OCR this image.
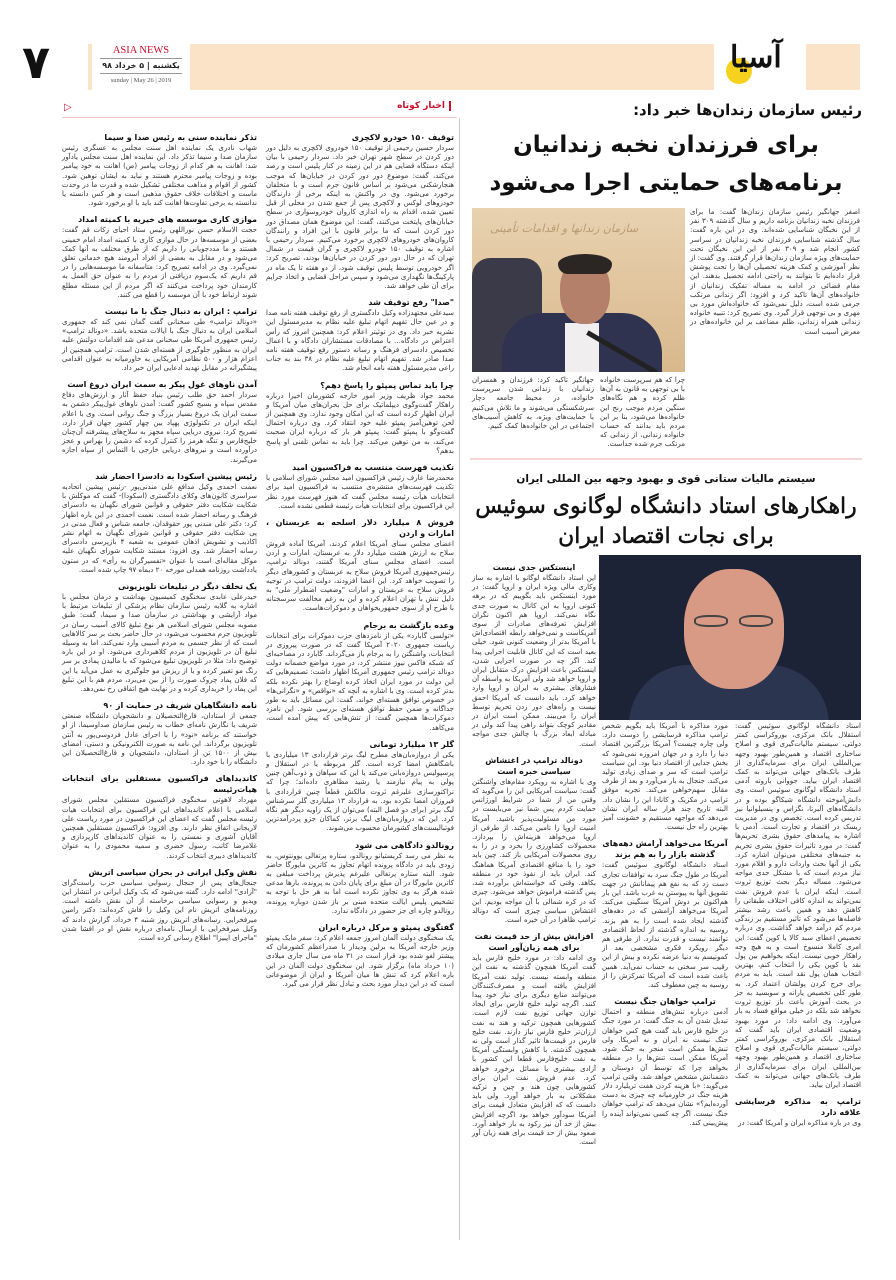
۷	ASIA NEWS
یکشنبه | ۵ خرداد ۹۸
sunday | May 26 | 2019
آسیا
▷	اخبار کوتاه
توقیف ۱۵۰ خودرو لاکچری
سردار حسین رحیمی از توقیف ۱۵۰ خودروی لاکچری به دلیل دور دور کردن در سطح شهر تهران خبر داد. سردار رحیمی با بیان اینکه دستگاه قضایی هم در این زمینه در کنار پلیس است و رصد می‌کند، گفت: موضوع دور دور کردن در خیابان‌ها که موجب هنجارشکنی می‌شود بر اساس قانون جرم است و با متخلفان برخورد می‌شود. وی در واکنش به اینکه برخی از دارندگان خودروهای لوکس و لاکچری پس از جمع شدن در محلی از قبل تعیین شده، اقدام به راه اندازی کاروان خودروسواری در سطح خیابان‌های پایتخت می‌کنند، گفت: این موضوع همان مصداق دور دور کردن است که ما برابر قانون با این افراد و رانندگان کاروان‌های خودروهای لاکچری برخورد می‌کنیم. سردار رحیمی با اشاره به توقیف ۱۵۰ خودرو لاکچری و گران قیمت در شمال تهران که در حال دور دور کردن در خیابان‌ها بودند، تصریح کرد: اگر خودرویی توسط پلیس توقیف شود، از دو هفته تا یک ماه در پارکینگ‌ها نگهداری می‌شود و سپس مراحل قضایی و اتخاذ جرایم برای آن طی خواهد شد.
"صدا" رفع توقیف شد
سیدعلی مجتهدزاده وکیل دادگستری از رفع توقیف هفته نامه صدا و در عین حال تفهیم اتهام تبلیغ علیه نظام به مدیرمسئول این نشریه خبر داد. وی در توئیتر اعلام کرد: همچنین امروز که رأس اعتراض در دادگاه... با مصادقات مستشاران دادگاه و با اعمال تخصیص دادسرای فرهنگ و رسانه دستور رفع توقیف هفته نامه صدا صادر شد. تفهیم اتهام تبلیغ علیه نظام در ۳۸ بند به جناب راعی مدیرمسئول هفته نامه انجام شد.
چرا باید تماس پمپئو را پاسخ دهم؟
محمد جواد ظریف وزیر امور خارجه کشورمان اخیرا درباره راهکار گفت‌وگوی دیپلماتیک برای حل بحران‌های میان آمریکا و ایران اظهار کرده است که این امکان وجود ندارد. وی همچنین از لحن توهین‌آمیز پمپئو علیه خود انتقاد کرد. وی درباره احتمال گفت‌وگو با پمپئو گفت: پمپئو هر بار که درباره ایران صحبت می‌کند، به من توهین می‌کند. چرا باید به تماس تلفنی او پاسخ بدهم؟
تکذیب فهرست منتسب به فراکسیون امید
محمدرضا عارف رئیس فراکسیون امید مجلس شورای اسلامی با تکذیب فهرست‌های منتشره‌ی منتسب به فراکسیون امید برای انتخابات هیأت رئیسه مجلس گفت که هنوز فهرست مورد نظر این فراکسیون برای انتخابات هیأت رئیسه قطعی نشده است.
فروش ۸ میلیارد دلار اسلحه به عربستان ، امارات و اردن
اعضای مجلس سنای آمریکا اعلام کردند، آمریکا آماده فروش سلاح به ارزش هشت میلیارد دلار به عربستان، امارات و اردن است. اعضای مجلس سنای آمریکا گفتند، دونالد ترامپ، رئیس‌جمهوری آمریکا فروش سلاح به عربستان و کشورهای دیگر را تصویب خواهد کرد. این اعضا افزودند، دولت ترامپ در توجیه فروش سلاح به عربستان و امارات "وضعیت اضطرار ملی" به دلیل تنش با تهران اعلام کرده و این به رغم مخالفت سرسختانه با طرح او از سوی جمهوریخواهان و دموکرات‌هاست.
وعده بازگشت به برجام
«تولسی گابارد» یکی از نامزدهای حزب دموکرات برای انتخابات ریاست جمهوری ۲۰۲۰ آمریکا گفت که در صورت پیروزی در انتخابات، واشنگتن را به برجام باز می‌گرداند. گابارد در مصاحبه‌ای که شبکه فاکس نیوز منتشر کرد، در مورد مواضع خصمانه دولت دونالد ترامپ رئیس جمهوری آمریکا اظهار داشت: تصمیم‌هایی که این دولت در مورد ایران اتخاذ کرده اوضاع را بهتر نکرده بلکه بدتر کرده است. وی با اشاره به آنچه که «نواقص» و «نگرانی‌ها» در خصوص توافق هسته‌ای خواند، گفت: این مسائل باید به طور جداگانه و ضمن حفظ توافق هسته‌ای بررسی شود. این نامزد دموکرات‌ها همچنین گفت: از تنش‌هایی که پیش آمده است، می‌کاهد.
گلر ۱۳ میلیارد تومانی
یکی از دروازه‌بان‌های مطرح لیگ برتر قراردادی ۱۳ میلیاردی با باشگاهش امضا کرده است. گلر مربوطه یا در استقلال و پرسپولیس دروازه‌بانی می‌کند یا این که سپاهان و ذوب‌آهن چنین پولی به پیام نیازمند یا رشید مظاهری داده‌اند؛ چرا که تراکتورسازی علیرغم ثروت مالکش قطعاً چنین قراردادی با فیروزان امضا نکرده بود. به قرارداد ۱۳ میلیاردی گلر سرشناس لیگ برتر (برای دو فصل البته) می‌توان از یک زاویه دیگر هم نگاه کرد. این که دروازه‌بان‌های لیگ برتر، کماکان جزو پردرآمدترین فوتبالیست‌های کشورمان محسوب می‌شوند.
رونالدو دادگاهی می شود
به نظر می رسد کریستیانو رونالدو، ستاره پرتغالی یوونتوس، به زودی باید در دادگاه پرونده اتهام تجاوز به کاترین مایورگا حاضر شود. البته ستاره پرتغالی علیرغم پذیرش پرداخت مبلغی به کاترین مایورگا در آن مبلغ برای پایان دادن به پرونده، بارها مدعی شده هرگز به وی تجاوز نکرده است اما به هر حل با توجه به تشخیص پلیس ایالت متحده مبنی بر باز شدن دوباره پرونده، رونالدو چاره ای جز حضور در دادگاه ندارد.
گفتگوی پمپئو و مرکل درباره ایران
یک سخنگوی دولت آلمان امروز جمعه اعلام کرد: سفر مایک پمپئو وزیر خارجه آمریکا به برلین ودیدار با صدراعظم کشورمان که پیشتر لغو شده بود قرار است در ۳۱ ماه می سال جاری میلادی (۱۰ خرداد ماه) برگزار شود. این سخنگوی دولت آلمان در این باره اعلام کرد که تنش ها میان آمریکا و ایران از موضوعاتی است که در این دیدار مورد بحث و تبادل نظر قرار می گیرد.
تذکر نماینده سنی به رئیس صدا و سیما
شهاب نادری یک نماینده اهل سنت مجلس به عسگری رئیس سازمان صدا و سیما تذکر داد. این نماینده اهل سنت مجلس یادآور شد: اهانت به هر کدام از زوجات پیامبر (ص) اهانت به خود پیامبر بوده و زوجات پیامبر محترم هستند و نباید به ایشان توهین شود. کشور از اقوام و مذاهب مختلفی تشکیل شده و قدرت ما در وحدت ماست و اختلافات خلاف حقوق مذهبی است و هر کس دانسته یا ندانسته به برخی تفاوت‌ها اهانت کند باید با او برخورد شود.
موازی کاری موسسه های خیریه با کمیته امداد
حجت الاسلام حسن نوراللهی رئیس ستاد احیای زکات قم گفت: بعضی از موسسه‌ها در حال موازی کاری با کمیته امداد امام خمینی هستند و ما مددجویانی را داریم که از طرق مختلف به آنها کمک می‌شود و در مقابل به بعضی از افراد آبرومند هیچ خدماتی تعلق نمی‌گیرد. وی در ادامه تصریح کرد: متاسفانه ما موسسه‌هایی را در قم داریم که یک‌سوم دریافتی از مردم را به عنوان حق العمل به کارمندان خود پرداخت می‌کنند که اگر مردم از این مسئله مطلع شوند ارتباط خود با آن موسسه را قطع می کنند.
ترامپ : ایران به دنبال جنگ با ما نیست
«دونالد ترامپ» طی سخنانی گفت گمان نمی کند که جمهوری اسلامی ایران به دنبال جنگ با ایالات متحده باشد. «دونالد ترامپ» رئیس جمهوری آمریکا طی سخنانی مدعی شد اقدامات دولتش علیه ایران به منظور جلوگیری از هسته‌ای شدن است. ترامپ همچنین از اعزام هزار و ۵۰۰ نظامی آمریکایی به خاورمیانه به عنوان اقدامی پیشگیرانه در مقابل تهدید ادعایی ایران خبر داد.
آمدن ناوهای غول پیکر به سمت ایران دروغ است
سردار احمد حق طلب رئیس بنیاد حفظ آثار و ارزش‌های دفاع مقدس سپاه و بسیج کشور گفت: آمدن ناوهای غول‌پیکر دشمن به سمت ایران یک دروغ بسیار بزرگ و جنگ روانی است. وی با اعلام اینکه ایران در تکنولوژی پهپاد بین چهار کشور جهان قرار دارد، تصریح کرد: نیروی دریایی سپاه مجهز به سلاح‌های پیشرفته آن‌چنان خلیج‌فارس و تنگه هرمز را کنترل کرده که دشمن را بهراس و عجز درآورده است و نیروهای دریایی خارجی با التماس از سپاه اجازه می‌گیرند.
رئیس پیشین اسکودا به دادسرا احضار شد
نعمت احمدی وکیل مدافع علی مندنی‌پور -رئیس پیشین اتحادیه سراسری کانون‌های وکلای دادگستری (اسکودا)- گفت که موکلش با شکایت شکایت دفتر حقوقی و قوانین شورای نگهبان به دادسرای فرهنگ و رسانه احضار شده است. نعمت احمدی در این باره اظهار کرد: دکتر علی مندنی پور حقوقدان، جامعه شناس و فعال مدنی در پی شکایت دفتر حقوقی و قوانین شورای نگهبان به اتهام نشر اکاذیب و تشویش اذهان عمومی به شعبه ۴ بازپرسی دادسرای رسانه احضار شد. وی افزود: مستند شکایت شورای نگهبان علیه موکل مقاله‌ای است با عنوان «تفسیرگران به رأی» که در ستون یادداشت روزنامه همدلی مورخه ۲۰ دیماه ۹۷ چاپ شده است.
یک تخلف دیگر در تبلیغات تلویزیونی
حیدرعلی عابدی سخنگوی کمیسیون بهداشت و درمان مجلس با اشاره به گلایه رئیس سازمان نظام پزشکی از تبلیغات مرتبط با مواد آرایشی و بهداشتی در سازمان صدا و سیما، گفت: طبق مصوبه مجلس شورای اسلامی هر نوع تبلیغ کالای آسیب رسان در تلویزیون جرم محسوب می‌شود، در حال حاضر بحث بر سر کالاهایی است که از نظر جسمی به مردم آسیبی وارد نمی‌کند، اما به وسیله تبلیغ آن در تلویزیون از مردم کلاهبرداری می‌شود. او در این باره توضیح داد: مثلا در تلویزیون تبلیغ می‌شود که با مالیدن پمادی بر سر رنگ مو تغییر کرده و یا از ریزش مو جلوگیری به عمل می‌آید یا این که فلان پماد چروک صورت را از بین می‌برد، مردم هم با این تبلیغ این پماد را خریداری کرده و در نهایت هیچ اتفاقی رخ نمی‌دهد.
نامه دانشگاهیان شریف در حمایت از ۹۰
جمعی از استادان، فارغ‌التحصیلان و دانشجویان دانشگاه صنعتی شریف با نگارش نامه‌ای خطاب به رئیس سازمان صداوسیما، از او خواستند که برنامه «نود» را با اجرای عادل فردوسی‌پور به آنتن تلویزیون برگرداند. این نامه به صورت الکترونیکی و دستی، امضای بیش از ۱۵۰۰ تن از استادان، دانشجویان و فارغ‌التحصیلان این دانشگاه را با خود دارد.
کاندیداهای فراکسیون مستقلین برای انتخابات هیات‌رئیسه
مهرداد لاهوتی سخنگوی فراکسیون مستقلین مجلس شورای اسلامی با اعلام کاندیداهای این فراکسیون برای انتخابات هیات رئیسه مجلس گفت که اعضای این فراکسیون در مورد ریاست علی لاریجانی اتفاق نظر دارند. وی افزود: فراکسیون مستقلین همچنین آقایان آشوری و نمستی را به عنوان کاندیداهای کارپردازی و غلامرضا کاتب، رسول خضری و سمیه محمودی را به عنوان کاندیداهای دبیری انتخاب کردند.
نقش وکیل ایرانی در بحران سیاسی اتریش
جنجال‌های پس از جنجال رسوایی سیاسی حزب راست‌گرای "آزادی" ادامه دارد. گفته می‌شود که یک وکیل ایرانی در انتشار این ویدیو و رسوایی سیاسی برخاسته از آن نقش داشته است. روزنامه‌های اتریش نام این وکیل را فاش کرده‌اند: دکتر رامین میرفخرایی. رسانه‌های اتریش روز شنبه ۴ خرداد، گزارش دادند که وکیل میرفخرایی با ارسال نامه‌ای درباره نقش او در افشا شدن "ماجرای ایبیزا" اطلاع رسانی کرده است.
رئیس سازمان زندان‌ها خبر داد:
برای فرزندان نخبه زندانیان
برنامه‌های حمایتی اجرا می‌شود
سازمان زندانها و اقدامات تأمینی
اصغر جهانگیر رئیس سازمان زندان‌ها گفت: ما برای فرزندان نخبه زندانیان برنامه داریم و سال گذشته ۳۰۹ نفر از این نخبگان شناسایی شده‌اند. وی در این باره گفت: سال گذشته شناسایی فرزندان نخبه زندانیان در سراسر کشور انجام شد و ۳۰۹ نفر از این این نخبگان تحت حمایت‌های ویژه سازمان زندان‌ها قرار گرفتند. وی گفت: از نظر آموزشی و کمک هزینه تحصیلی آن‌ها را تحت پوشش قرار داده‌ایم تا بتوانند به راحتی ادامه تحصیل بدهند. این مقام قضائی در ادامه به مساله تفکیک زندانیان از خانواده‌های آن‌ها تاکید کرد و افزود: اگر زندانی مرتکب جرمی شده است، دلیل نمی‌شود که خانواده‌اش مورد بی مهری و بی توجهی قرار گیرد. وی تصریح کرد: تنبیه خانواده زندانی همراه زندانی، ظلم مضاعف بر این خانواده‌های در معرض آسیب است
چرا که هم سرپرست خانواده با بی توجهی به قانون به آن‌ها ظلم کرده و هم نگاه‌های سنگین مردم موجب رنج این خانواده‌ها می‌شود، بنا بر این مردم باید بدانند که حساب خانواده زندانی، از زندانی که مرتکب جرم شده جداست.
جهانگیر تاکید کرد: فرزندان و همسران زندانیان با زندانی شدن سرپرست خانواده، در محیط جامعه دچار سرشکستگی می‌شوند و ما تلاش می‌کنیم با حمایت‌های ویژه، به کاهش آسیب‌های اجتماعی در این خانواده‌ها کمک کنیم.
سیستم مالیات ستانی قوی و بهبود وجهه بین المللی ایران
راهکارهای استاد دانشگاه لوگانوی سوئیس
برای نجات اقتصاد ایران
اینستکس جدی نیست
این استاد دانشگاه لوگانو با اشاره به ساز وکاری مالی ویژه ایران و اروپا گفت: در مورد اینستکس باید بگوییم که در برهه کنونی اروپا به این کانال به صورت جدی نگاه نمی‌کند. اروپا هم اکنون نگران افزایش تعرفه‌های صادرات از سوی آمریکاست و نمی‌خواهد رابطه اقتصادی‌اش با آمریکا بدتر از وضعیت کنونی شود. خیلی بعید است که این کانال قابلیت اجرایی پیدا کند. اگر چه در صورت اجرایی شدن، اینستکس باعث افزایش درک متقابل ایران و اروپا خواهد شد ولی آمریکا به واسطه آن فشارهای بیشتری به ایران و اروپا وارد خواهد کرد. باید دانست که آمریکا احمق نیست و راه‌های دور زدن تحریم توسط ایران را می‌بیند. ممکن است ایران در مقادیر کوچک بتواند راهی پیدا کند ولی در مبادله ابعاد بزرگ با چالش جدی مواجه است.
دونالد ترامپ در اغتشاش سیاسی خبره است
وی با اشاره به رویکرد مقام‌های واشنگتن گفت: سیاست آمریکایی این را می‌گوید که وقتی من از شما در شرایط اورژانس حمایت کردم پس شما نیز می‌بایست در مورد من مسئولیت‌پذیر باشید. آمریکا امنیت اروپا را تامین می‌کند. از طرفی از اروپا می‌خواهد هزینه‌اش را بپردازد. محصولات کشاورزی را بخرد و در را به روی محصولات آمریکایی باز کند. چین باید خود را با منافع اقتصادی آمریکا هماهنگ کند. ایران باید از نفوذ خود در منطقه بکاهد. وقتی که خواسته‌اش برآورده شد، پس گذشته فراموش خواهد می‌شود. چیزی که در کره شمالی با آن مواجه بودیم. این اغتشاش سیاسی چیزی است که دونالد ترامپ ظاهرا در آن خبره است.
افزایش بیش از حد قیمت نفت برای همه زیان‌آور است
وی ادامه داد: در مورد خلیج فارس باید گفت آمریکا همچون گذشته به نفت این منطقه وابسته نیست. تولید نفت آمریکا افزایش یافته است و مصرف‌کنندگان می‌توانند منابع دیگری برای نیاز خود پیدا کنند. اگرچه تولید خلیج فارس برای ایجاد توازن جهانی توزیع نفت لازم است. کشورهایی همچون ترکیه و هند به نفت ارزان‌تر خلیج فارس نیاز دارند. نفت خلیج فارس در قیمت‌ها تاثیر گذار است ولی نه همچون گذشته. با کاهش وابستگی آمریکا به نفت خلیج‌فارس قطعا این کشور با آزادی بیشتری با مسائل برخورد خواهد کرد. عدم فروش نفت ایران برای کشورهایی چون هند و چین و ترکیه مشکلاتی به بار خواهد آورد. ولی باید دانست که که افزایش متعادل قیمت برای آمریکا سودآور خواهد بود اگرچه افزایش بیش از حد آن نیز رکود به بار خواهد آورد. صعود بیش از حد قیمت برای همه زیان آور است.
مورد مذاکره با آمریکا باید بگویم شخص ترامپ مذاکره فرسایشی را دوست دارد. ولی چاره چیست؟ آمریکا بزرگترین اقتصاد دنیا را دارد و در جهان امروزه نمی‌شود که بخش جدایی از اقتصاد دنیا بود. این سیاست ترامپ است که سر و صدای زیادی تولید می‌کند. جنجال به بار می‌آورد و بعد از طرف مقابل سهم‌خواهی می‌کند. تجربه موفق ترامپ در مکزیک و کانادا این را نشان داد. البته تاریخ چند هزار ساله ایران نشان می‌دهد که مواجهه مستقیم و خشونت آمیز بهترین راه حل نیست.
آمریکا می‌خواهد آرامش دهه‌های گذشته بازار را به هم بزند
استاد دانشگاه لوگانوی سوئیس گفت: آمریکا در طول جنگ سرد به توافقات تجاری دست زد که به نفع هم پیمانانش در جهت تشویق آنها به پیوستن به غرب باشد. این بار هم‌اکنون بر دوش آمریکا سنگینی می‌کند. آمریکا می‌خواهد آرامشی که در دهه‌های گذشته ایجاد شده است را به هم بزند. روسیه به اندازه گذشته از لحاظ اقتصادی توانمند نیست و قدرت ندارد. از طرفی هم دیگر رویکرد فکری مشخصی بعد از کمونیسم به دنیا عرضه نکرده و بیش از این رقیب سر سختی به حساب نمی‌آید. همین باعث شده است که آمریکا تمرکزش را از روسیه به چین معطوف کند.
ترامپ خواهان جنگ نیست
آدمی درباره تنش‌های منطقه و احتمال تبدیل شدن آن به جنگ گفت: در مورد جنگ در خلیج فارس باید گفت هیچ کس خواهان جنگ نیست نه ایران و نه آمریکا. ولی تنش‌ها ممکن است منجر به جنگ شود. آمریکا ممکن است تنش‌ها را در منطقه بخواهد چرا که توسط آن دوستان و دشمنانش مشخص خواهد شد. وقتی ترامپ می‌گوید: «با هزینه کردن هفت تریلیارد دلار هزینه جنگ در خاورمیانه چه چیزی به دست آورده‌ایم؟» نشان می‌دهد که ترامپ خواهان جنگ نیست. اگر چه کسی نمی‌تواند آینده را پیش‌بینی کند.
استاد دانشگاه لوگانوی سوئیس گفت: استقلال بانک مرکزی، بوروکراسی کمتر دولتی، سیستم مالیات‌گیری قوی و اصلاح ساختاری اقتصاد و همین‌طور بهبود وجهه بین‌المللی ایران برای سرمایه‌گذاری از طرف بانک‌های جهانی می‌تواند به کمک اقتصاد ایران بیاید. جووانی باروته آدمی استاد دانشگاه لوگانوی سوئیس است. وی دانش‌آموخته دانشگاه شیکاگو بوده و در دانشگاه‌های آلبرتا، نگزاس و پنسیلوانیا نیز تدریس کرده است. تخصص وی در مدیریت ریسک در اقتصاد و تجارت است. آدمی با اشاره به پیامدهای حقوق بشری تحریم‌ها گفت: در مورد تاثیرات حقوق بشری تحریم به جنبه‌های مختلفی می‌توان اشاره کرد. یکی از آنها بحث واردات دارو و اقلام مورد نیاز مردم است که با مشکل جدی مواجه می‌شود. مساله دیگر بحث توزیع ثروت است. اینکه ایران با عدم فروش نفت نمی‌تواند به اندازه کافی اختلاف طبقاتی را کاهش دهد و همین باعث رشد بیشتر فاصله‌ها می‌شود که تاثیر مستقیم بر زندگی مردم کم درآمد خواهد گذاشت. وی درباره تخصیص اعطای سبد کالا یا کوپن گفت: این امری کاملا منسوخ است و به هیچ وجه راهکار خوبی نیست. اینکه بخواهیم بین پول نقد یا کوپن یکی را انتخاب کنم، بهترین انتخاب همان پول نقد است. باید به مردم برای خرج کردن پولشان اعتماد کرد. به طور کلی تخصیص یارانه و سوبسید به جز در بحث آموزش باعث باز توزیع ثروت نخواهد شد بلکه در خیلی مواقع فساد به بار می‌آورد. وی ادامه داد: در مورد بهبود وضعیت اقتصادی ایران باید گفت که استقلال بانک مرکزی، بوروکراسی کمتر دولتی، سیستم مالیات‌گیری قوی و اصلاح ساختاری اقتصاد و همین‌طور بهبود وجهه بین‌المللی ایران برای سرمایه‌گذاری از طرف بانک‌های جهانی می‌تواند به کمک اقتصاد ایران بیاید.
ترامپ به مذاکره فرسایشی علاقه دارد
وی در باره مذاکره ایران و آمریکا گفت: در
